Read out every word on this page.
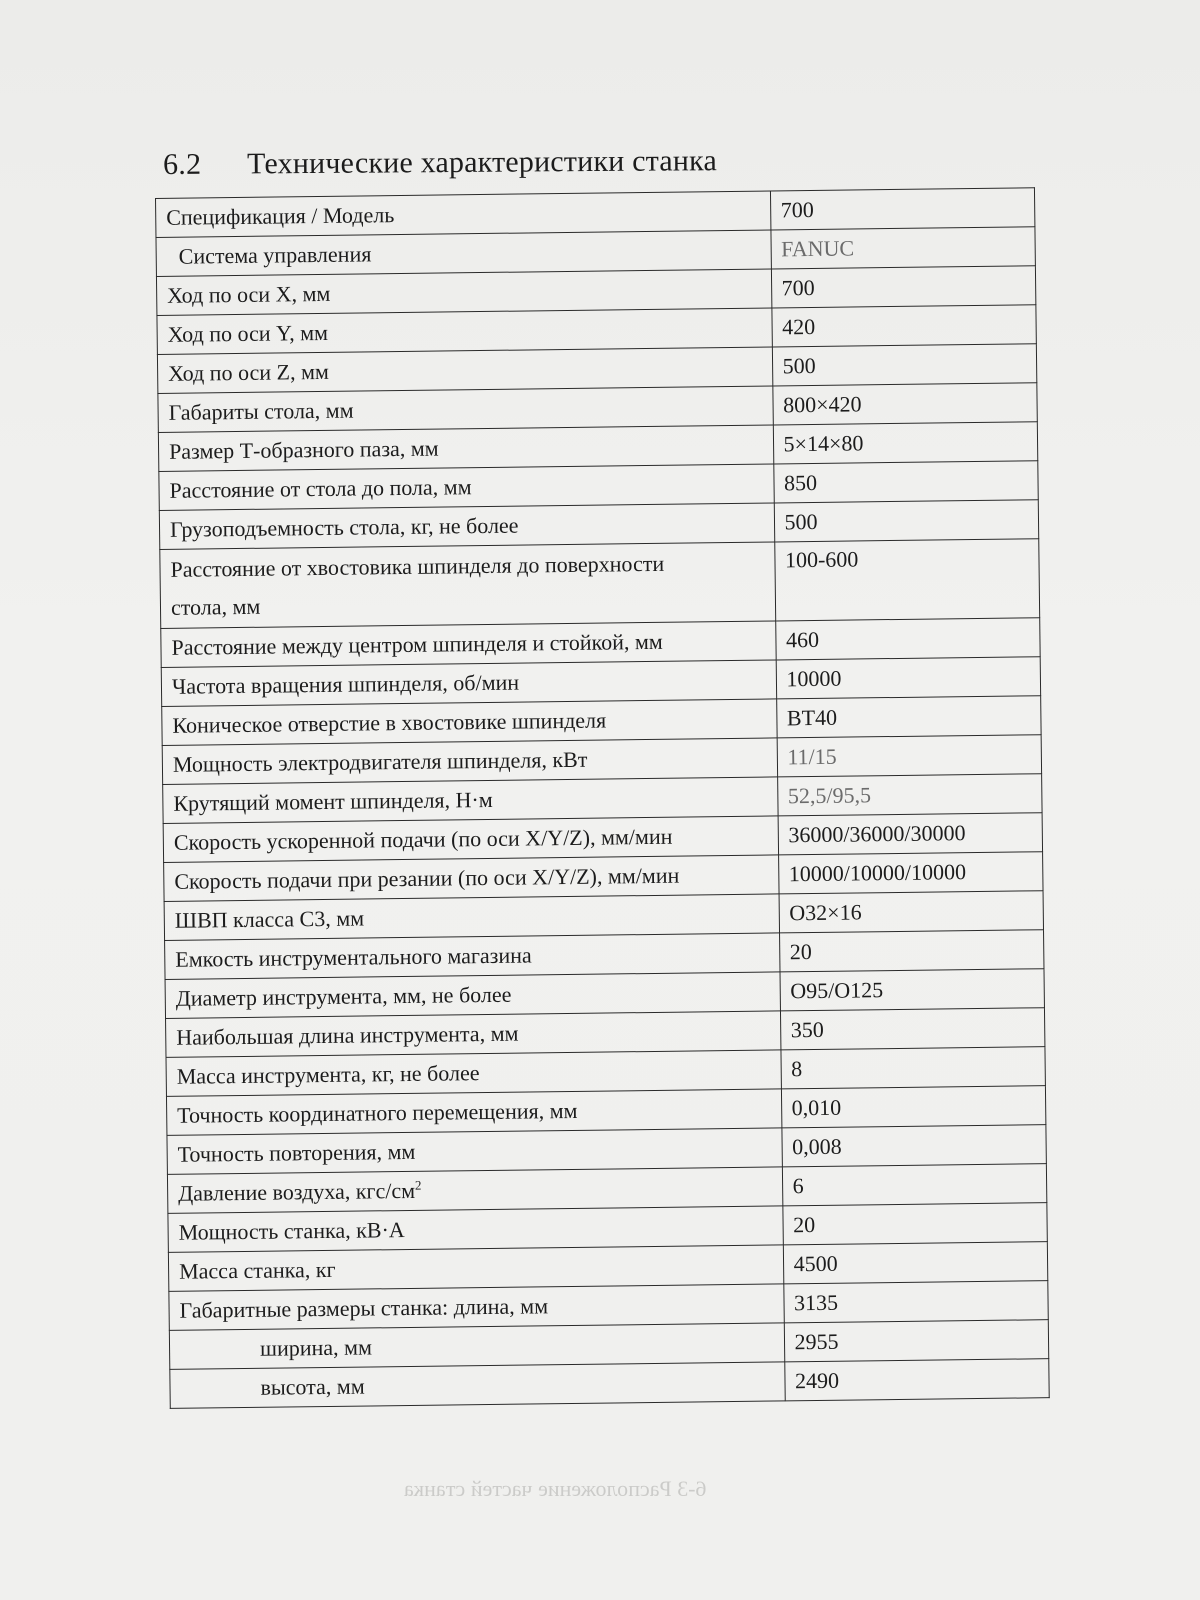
6.2 Технические характеристики станка
Спецификация / Модель	700
Система управления	FANUC
Ход по оси X, мм	700
Ход по оси Y, мм	420
Ход по оси Z, мм	500
Габариты стола, мм	800×420
Размер Т-образного паза, мм	5×14×80
Расстояние от стола до пола, мм	850
Грузоподъемность стола, кг, не более	500
Расстояние от хвостовика шпинделя до поверхности
стола, мм	100-600
Расстояние между центром шпинделя и стойкой, мм	460
Частота вращения шпинделя, об/мин	10000
Коническое отверстие в хвостовике шпинделя	BT40
Мощность электродвигателя шпинделя, кВт	11/15
Крутящий момент шпинделя, Н·м	52,5/95,5
Скорость ускоренной подачи (по оси X/Y/Z), мм/мин	36000/36000/30000
Скорость подачи при резании (по оси X/Y/Z), мм/мин	10000/10000/10000
ШВП класса С3, мм	O32×16
Емкость инструментального магазина	20
Диаметр инструмента, мм, не более	O95/O125
Наибольшая длина инструмента, мм	350
Масса инструмента, кг, не более	8
Точность координатного перемещения, мм	0,010
Точность повторения, мм	0,008
Давление воздуха, кгс/$см^2$	6
Мощность станка, кВ·А	20
Масса станка, кг	4500
Габаритные размеры станка: длина, мм	3135
ширина, мм	2955
высота, мм	2490
6-3 Расположение частей станка
